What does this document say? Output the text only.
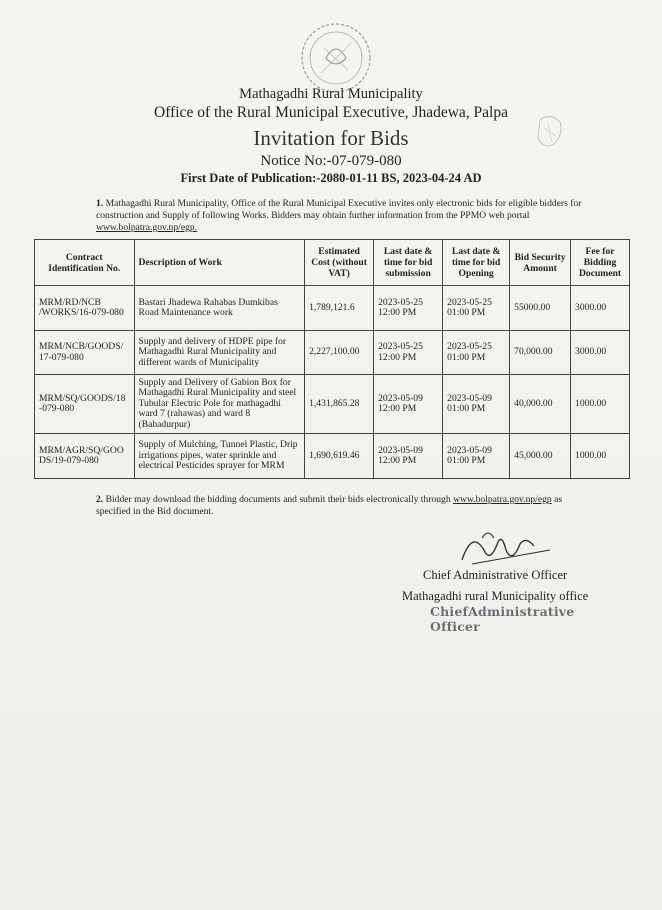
Mathagadhi Rural Municipality
Office of the Rural Municipal Executive, Jhadewa, Palpa
Invitation for Bids
Notice No:-07-079-080
First Date of Publication:-2080-01-11 BS, 2023-04-24 AD
1. Mathagadhi Rural Municipality, Office of the Rural Municipal Executive invites only electronic bids for eligible bidders for construction and Supply of following Works. Bidders may obtain further information from the PPMO web portal www.bolpatra.gov.np/egp.
Contract Identification No.	Description of Work	Estimated Cost (without VAT)	Last date & time for bid submission	Last date & time for bid Opening	Bid Security Amount	Fee for Bidding Document
MRM/RD/NCB /WORKS/16-079-080	Bastari Jhadewa Rahabas Dumkibas Road Maintenance work	1,789,121.6	2023-05-25 12:00 PM	2023-05-25 01:00 PM	55000.00	3000.00
MRM/NCB/GOODS/ 17-079-080	Supply and delivery of HDPE pipe for Mathagadhi Rural Municipality and different wards of Municipality	2,227,100.00	2023-05-25 12:00 PM	2023-05-25 01:00 PM	70,000.00	3000.00
MRM/SQ/GOODS/18 -079-080	Supply and Delivery of Gabion Box for Mathagadhi Rural Municipality and steel Tubular Electric Pole for mathagadhi ward 7 (rahawas) and ward 8 (Bahadurpur)	1,431,865.28	2023-05-09 12:00 PM	2023-05-09 01:00 PM	40,000.00	1000.00
MRM/AGR/SQ/GOO DS/19-079-080	Supply of Mulching, Tunnel Plastic, Drip irrigations pipes, water sprinkle and electrical Pesticides sprayer for MRM	1,690,619.46	2023-05-09 12:00 PM	2023-05-09 01:00 PM	45,000.00	1000.00
2. Bidder may download the bidding documents and submit their bids electronically through www.bolpatra.gov.np/egp as specified in the Bid document.
Chief Administrative Officer
Mathagadhi rural Municipality office
ChiefAdministrative Officer
